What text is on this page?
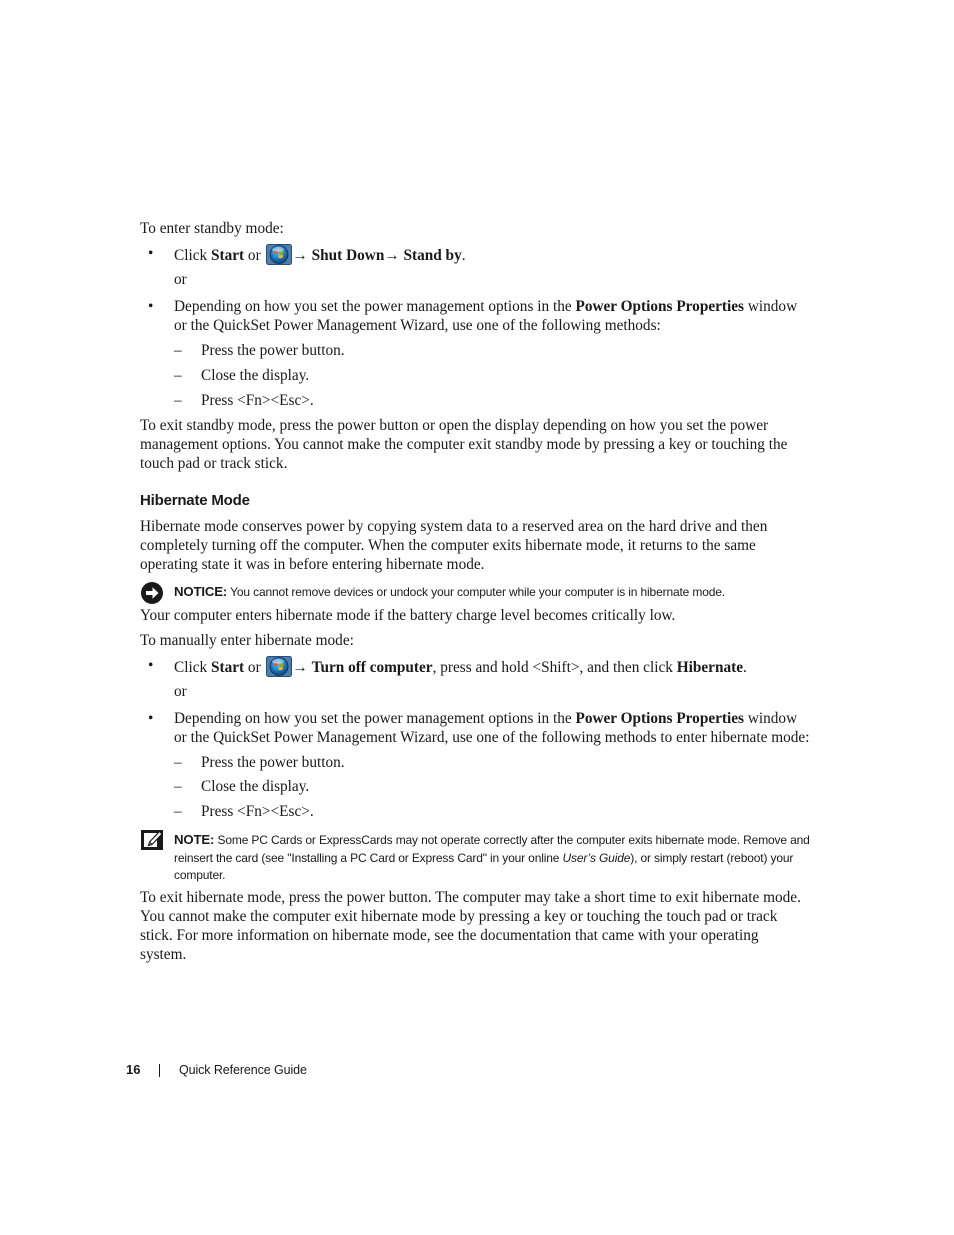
To enter standby mode:

• Click Start or → Shut Down→ Stand by.

or
• Depending on how you set the power management options in the Power Options Properties window or the QuickSet Power Management Wizard, use one of the following methods:

– Press the power button.
– Close the display.
– Press <Fn><Esc>.

To exit standby mode, press the power button or open the display depending on how you set the power management options. You cannot make the computer exit standby mode by pressing a key or touching the touch pad or track stick.

Hibernate Mode

Hibernate mode conserves power by copying system data to a reserved area on the hard drive and then completely turning off the computer. When the computer exits hibernate mode, it returns to the same operating state it was in before entering hibernate mode.

NOTICE: You cannot remove devices or undock your computer while your computer is in hibernate mode.

Your computer enters hibernate mode if the battery charge level becomes critically low.

To manually enter hibernate mode:

• Click Start or → Turn off computer, press and hold <Shift>, and then click Hibernate.

or
• Depending on how you set the power management options in the Power Options Properties window or the QuickSet Power Management Wizard, use one of the following methods to enter hibernate mode:

– Press the power button.
– Close the display.
– Press <Fn><Esc>.

NOTE: Some PC Cards or ExpressCards may not operate correctly after the computer exits hibernate mode. Remove and reinsert the card (see "Installing a PC Card or Express Card" in your online User’s Guide), or simply restart (reboot) your computer.

To exit hibernate mode, press the power button. The computer may take a short time to exit hibernate mode. You cannot make the computer exit hibernate mode by pressing a key or touching the touch pad or track stick. For more information on hibernate mode, see the documentation that came with your operating system.

16	Quick Reference Guide
